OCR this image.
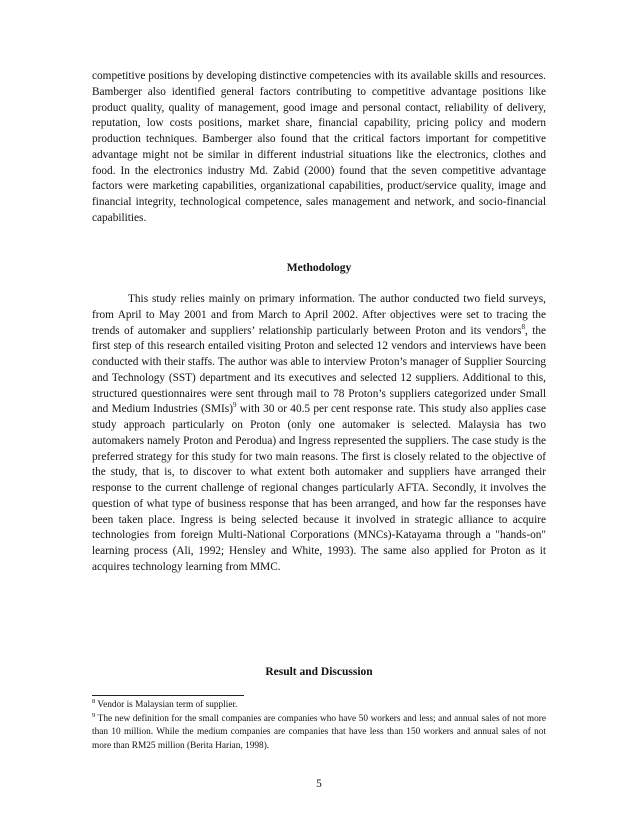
competitive positions by developing distinctive competencies with its available skills and resources. Bamberger also identified general factors contributing to competitive advantage positions like product quality, quality of management, good image and personal contact, reliability of delivery, reputation, low costs positions, market share, financial capability, pricing policy and modern production techniques. Bamberger also found that the critical factors important for competitive advantage might not be similar in different industrial situations like the electronics, clothes and food. In the electronics industry Md. Zabid (2000) found that the seven competitive advantage factors were marketing capabilities, organizational capabilities, product/service quality, image and financial integrity, technological competence, sales management and network, and socio-financial capabilities.

Methodology

This study relies mainly on primary information. The author conducted two field surveys, from April to May 2001 and from March to April 2002. After objectives were set to tracing the trends of automaker and suppliers’ relationship particularly between Proton and its vendors$^8$, the first step of this research entailed visiting Proton and selected 12 vendors and interviews have been conducted with their staffs. The author was able to interview Proton’s manager of Supplier Sourcing and Technology (SST) department and its executives and selected 12 suppliers. Additional to this, structured questionnaires were sent through mail to 78 Proton’s suppliers categorized under Small and Medium Industries (SMIs)$^9$ with 30 or 40.5 per cent response rate. This study also applies case study approach particularly on Proton (only one automaker is selected. Malaysia has two automakers namely Proton and Perodua) and Ingress represented the suppliers. The case study is the preferred strategy for this study for two main reasons. The first is closely related to the objective of the study, that is, to discover to what extent both automaker and suppliers have arranged their response to the current challenge of regional changes particularly AFTA. Secondly, it involves the question of what type of business response that has been arranged, and how far the responses have been taken place. Ingress is being selected because it involved in strategic alliance to acquire technologies from foreign Multi-National Corporations (MNCs)-Katayama through a "hands-on" learning process (Ali, 1992; Hensley and White, 1993). The same also applied for Proton as it acquires technology learning from MMC.

Result and Discussion

$^8$ Vendor is Malaysian term of supplier.

$^9$ The new definition for the small companies are companies who have 50 workers and less; and annual sales of not more than 10 million. While the medium companies are companies that have less than 150 workers and annual sales of not more than RM25 million (Berita Harian, 1998).

5
